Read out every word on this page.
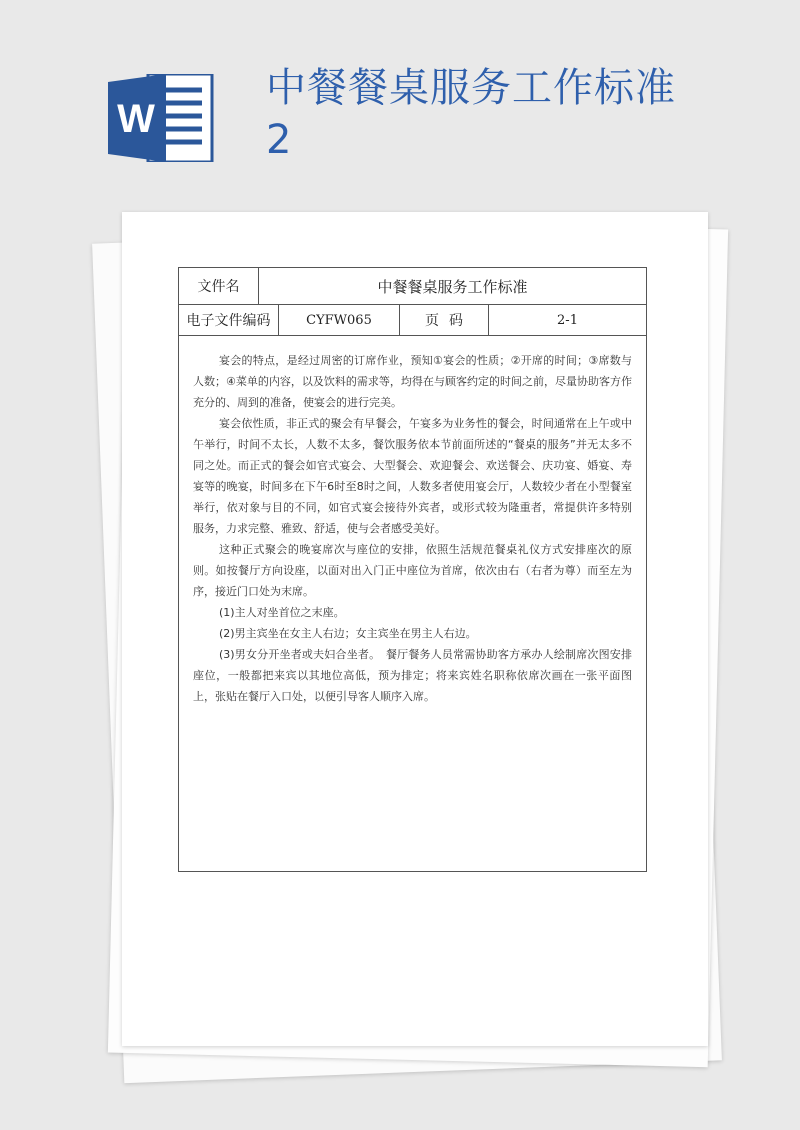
W
中餐餐桌服务工作标准
2
文件名	中餐餐桌服务工作标准
电子文件编码	CYFW065	页码	2-1

宴会的特点，是经过周密的订席作业，预知①宴会的性质；②开席的时间；③席数与人数；④菜单的内容，以及饮料的需求等，均得在与顾客约定的时间之前，尽量协助客方作充分的、周到的准备，使宴会的进行完美。

宴会依性质，非正式的聚会有早餐会，午宴多为业务性的餐会，时间通常在上午或中午举行，时间不太长，人数不太多，餐饮服务依本节前面所述的“餐桌的服务”并无太多不同之处。而正式的餐会如官式宴会、大型餐会、欢迎餐会、欢送餐会、庆功宴、婚宴、寿宴等的晚宴，时间多在下午6时至8时之间，人数多者使用宴会厅，人数较少者在小型餐室举行，依对象与目的不同，如官式宴会接待外宾者，或形式较为隆重者，常提供许多特别服务，力求完整、雅致、舒适，使与会者感受美好。

这种正式聚会的晚宴席次与座位的安排，依照生活规范餐桌礼仪方式安排座次的原则。如按餐厅方向设座，以面对出入门正中座位为首席，依次由右（右者为尊）而至左为序，接近门口处为末席。

(1)主人对坐首位之末座。

(2)男主宾坐在女主人右边；女主宾坐在男主人右边。

(3)男女分开坐者或夫妇合坐者。　餐厅餐务人员常需协助客方承办人绘制席次图安排座位，一般都把来宾以其地位高低，预为排定；将来宾姓名职称依席次画在一张平面图上，张贴在餐厅入口处，以便引导客人顺序入席。
